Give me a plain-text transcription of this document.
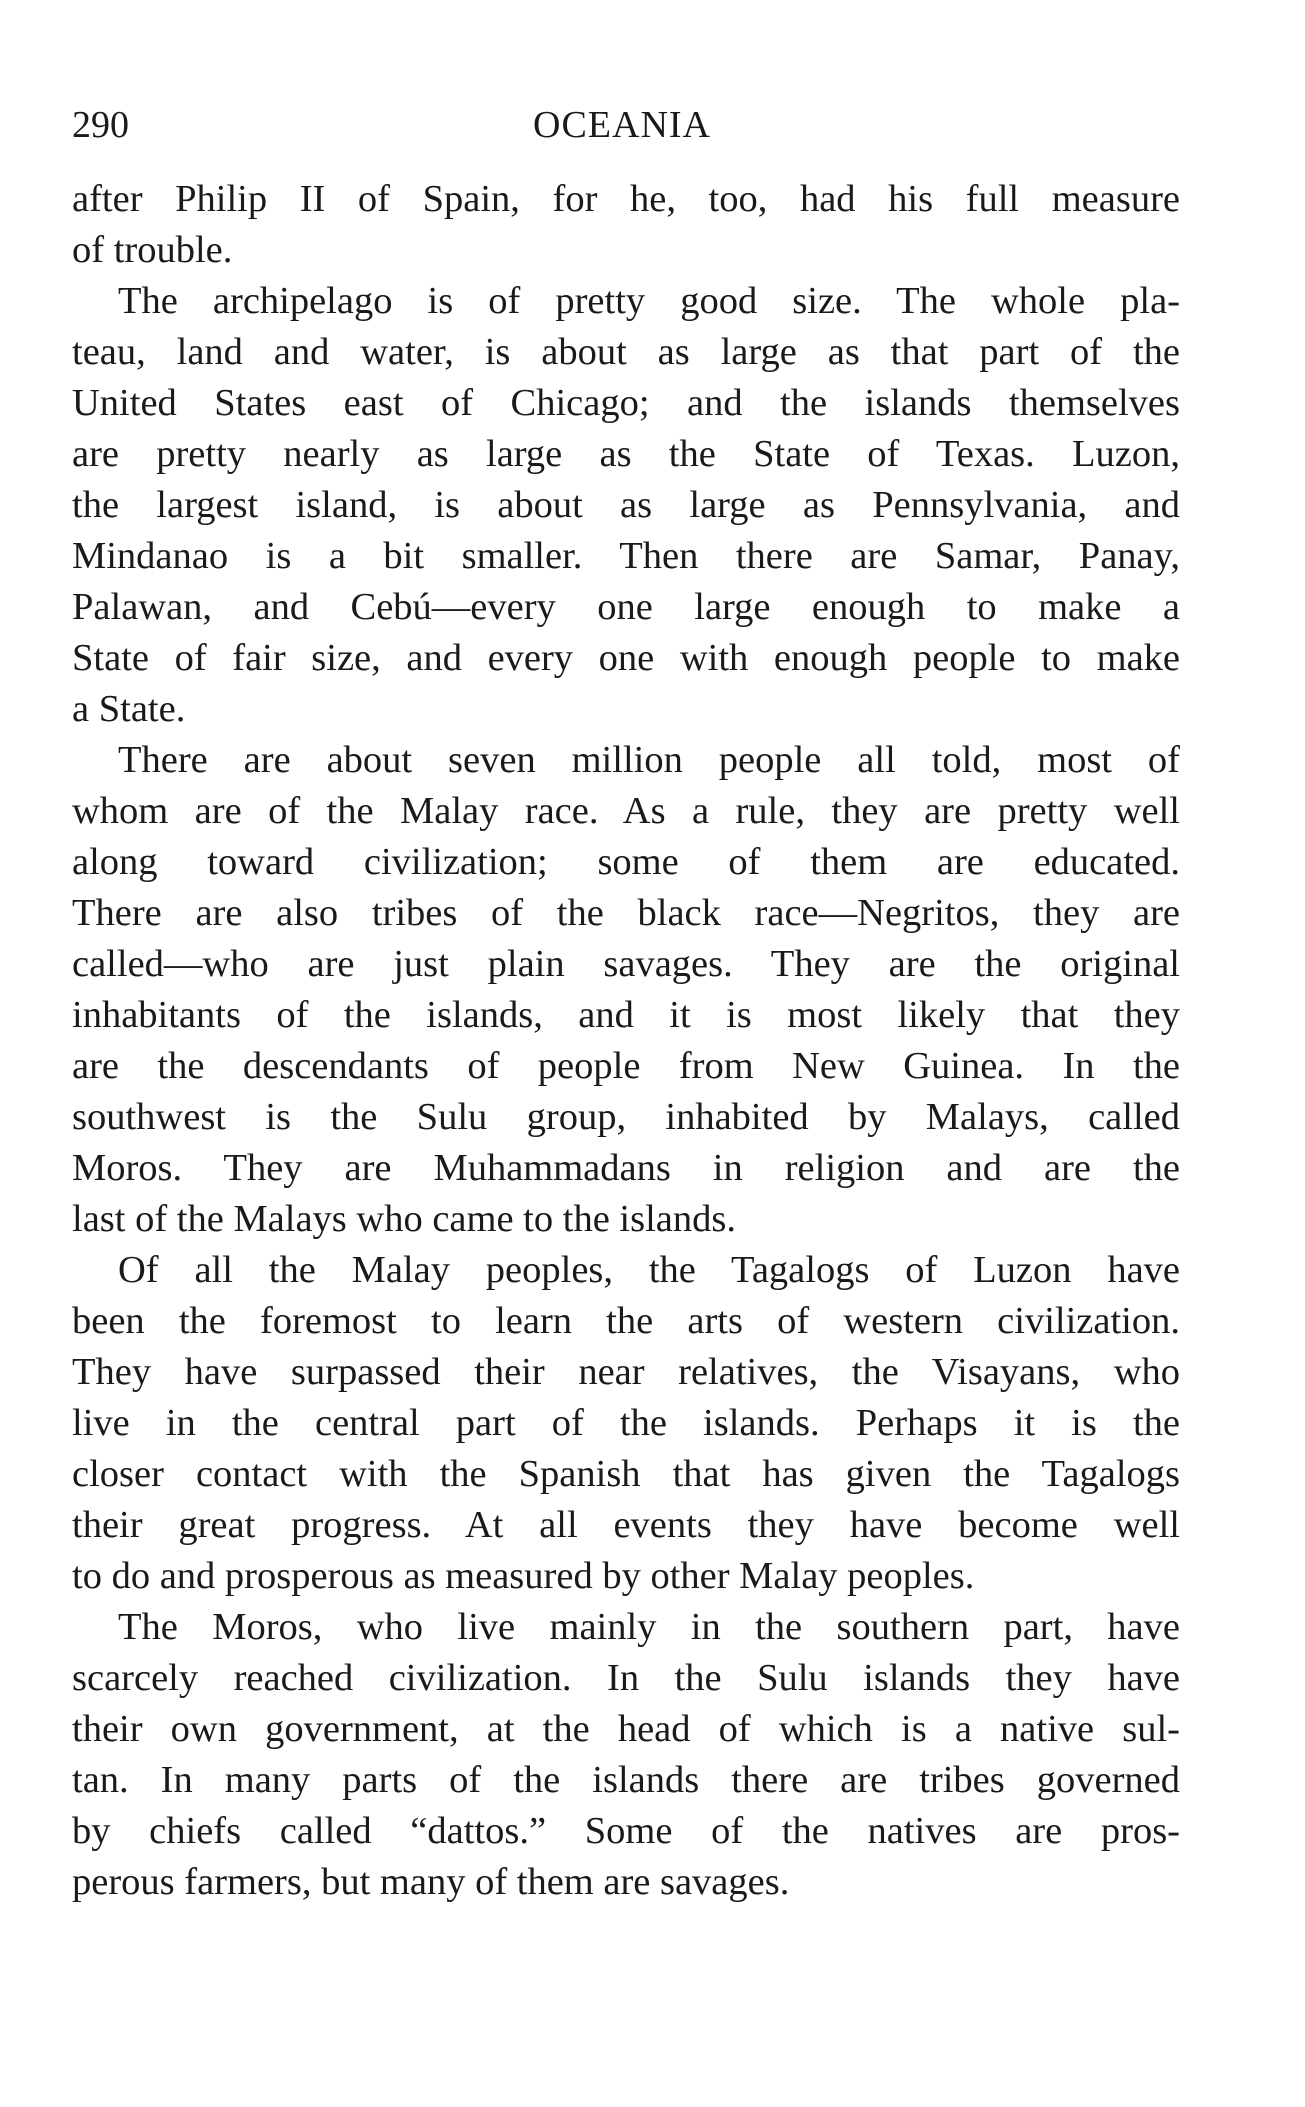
290	OCEANIA
after Philip II of Spain, for he, too, had his full measure
of trouble.
The archipelago is of pretty good size. The whole pla-
teau, land and water, is about as large as that part of the
United States east of Chicago; and the islands themselves
are pretty nearly as large as the State of Texas. Luzon,
the largest island, is about as large as Pennsylvania, and
Mindanao is a bit smaller. Then there are Samar, Panay,
Palawan, and Cebú—every one large enough to make a
State of fair size, and every one with enough people to make
a State.
There are about seven million people all told, most of
whom are of the Malay race. As a rule, they are pretty well
along toward civilization; some of them are educated.
There are also tribes of the black race—Negritos, they are
called—who are just plain savages. They are the original
inhabitants of the islands, and it is most likely that they
are the descendants of people from New Guinea. In the
southwest is the Sulu group, inhabited by Malays, called
Moros. They are Muhammadans in religion and are the
last of the Malays who came to the islands.
Of all the Malay peoples, the Tagalogs of Luzon have
been the foremost to learn the arts of western civilization.
They have surpassed their near relatives, the Visayans, who
live in the central part of the islands. Perhaps it is the
closer contact with the Spanish that has given the Tagalogs
their great progress. At all events they have become well
to do and prosperous as measured by other Malay peoples.
The Moros, who live mainly in the southern part, have
scarcely reached civilization. In the Sulu islands they have
their own government, at the head of which is a native sul-
tan. In many parts of the islands there are tribes governed
by chiefs called “dattos.” Some of the natives are pros-
perous farmers, but many of them are savages.
